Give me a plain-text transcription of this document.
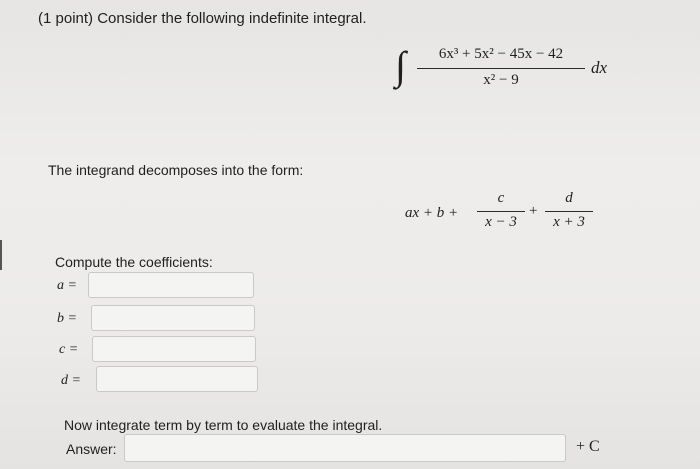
(1 point) Consider the following indefinite integral.
∫	6x³ + 5x² − 45x − 42
x² − 9
dx
The integrand decomposes into the form:
ax + b +
c
x − 3
+
d
x + 3
Compute the coefficients:
a =
b =
c =
d =
Now integrate term by term to evaluate the integral.
Answer:	+ C
